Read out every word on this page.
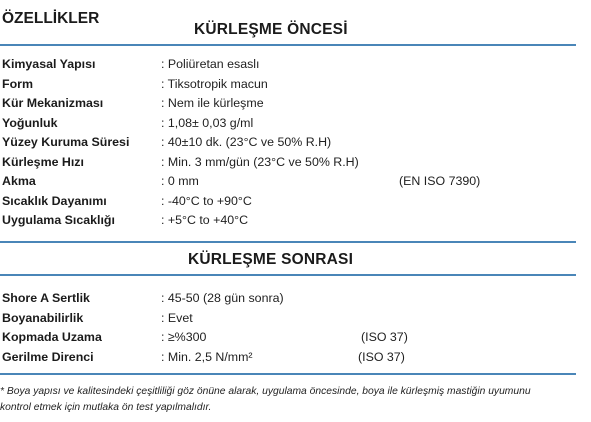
ÖZELLİKLER
KÜRLEŞME ÖNCESİ
Kimyasal Yapısı	: Poliüretan esaslı
Form	: Tiksotropik macun
Kür Mekanizması	: Nem ile kürleşme
Yoğunluk	: 1,08± 0,03 g/ml
Yüzey Kuruma Süresi	: 40±10 dk. (23°C ve 50% R.H)
Kürleşme Hızı	: Min. 3 mm/gün (23°C ve 50% R.H)
Akma	: 0 mm	(EN ISO 7390)
Sıcaklık Dayanımı	: -40°C to +90°C
Uygulama Sıcaklığı	: +5°C to +40°C
KÜRLEŞME SONRASI
Shore A Sertlik	: 45-50 (28 gün sonra)
Boyanabilirlik	: Evet
Kopmada Uzama	: ≥%300	(ISO 37)
Gerilme Direnci	: Min. 2,5 N/mm²	(ISO 37)
* Boya yapısı ve kalitesindeki çeşitliliği göz önüne alarak, uygulama öncesinde, boya ile kürleşmiş mastiğin uyumunu
kontrol etmek için mutlaka ön test yapılmalıdır.
